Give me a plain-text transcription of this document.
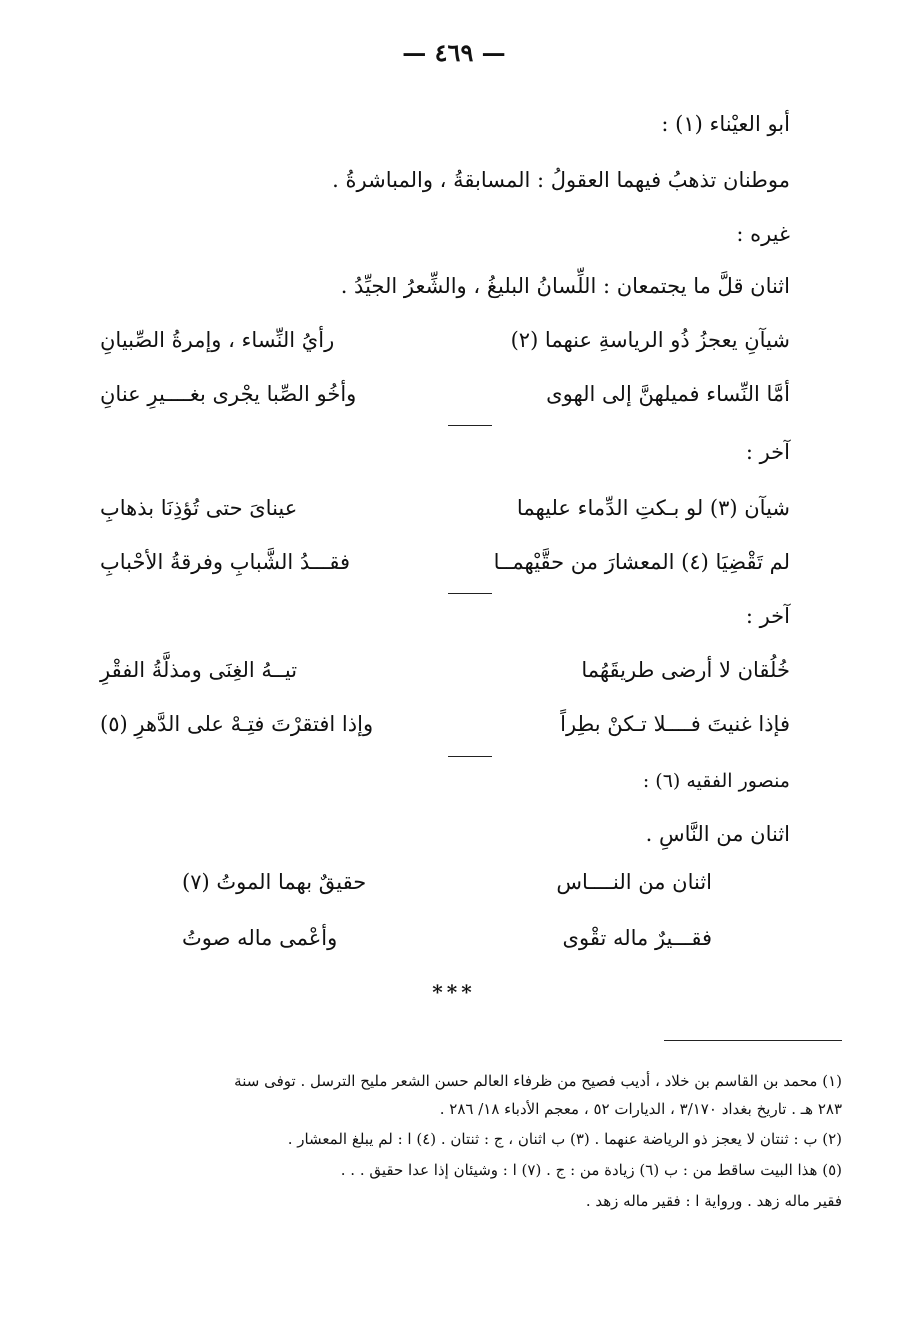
— ٤٦٩ —
أبو العيْناء (١) :
موطنان تذهبُ فيهما العقولُ : المسابقةُ ، والمباشرةُ .
غيره :
اثنان قلَّ ما يجتمعان : اللِّسانُ البليغُ ، والشِّعرُ الجيِّدُ .
شيآنِ يعجزُ ذُو الرياسةِ عنهما (٢)
رأيُ النِّساء ، وإمرةُ الصِّبيانِ
أمَّا النِّساء فميلهنَّ إلى الهوى
وأخُو الصِّبا يجْرى بغــــيرِ عنانِ
آخر :
شيآن (٣) لو بـكتِ الدِّماء عليهما
عيناىَ حتى تُؤذِنَا بذهابِ
لم تَقْضِيَا (٤) المعشارَ من حقَّيْهمــا
فقـــدُ الشَّبابِ وفرقةُ الأحْبابِ
آخر :
خُلُقان لا أرضى طريقَهُما
تيــهُ الغِنَى ومذلَّةُ الفقْرِ
فإذا غنيتَ فــــلا تـكنْ بطِراً
وإذا افتقرْتَ فتِـهْ على الدَّهرِ (٥)
منصور الفقيه (٦) :
اثنان من النَّاسِ .
اثنان من النــــاس
حقيقٌ بهما الموتُ (٧)
فقـــيرٌ ماله تقْوى
وأعْمى ماله صوتُ
***
(١) محمد بن القاسم بن خلاد ، أديب فصيح من ظرفاء العالم حسن الشعر مليح الترسل . توفى سنة
٢٨٣ هـ . تاريخ بغداد ٣/١٧٠ ، الديارات ٥٢ ، معجم الأدباء ١٨/ ٢٨٦ .
(٢) ب : ثنتان لا يعجز ذو الرياضة عنهما . (٣) ب اثنان ، ج : ثنتان . (٤) ا : لم يبلغ المعشار .
(٥) هذا البيت ساقط من : ب (٦) زيادة من : ج . (٧) ا : وشيئان إذا عدا حقيق . . .
فقير ماله زهد . ورواية ا : فقير ماله زهد .
